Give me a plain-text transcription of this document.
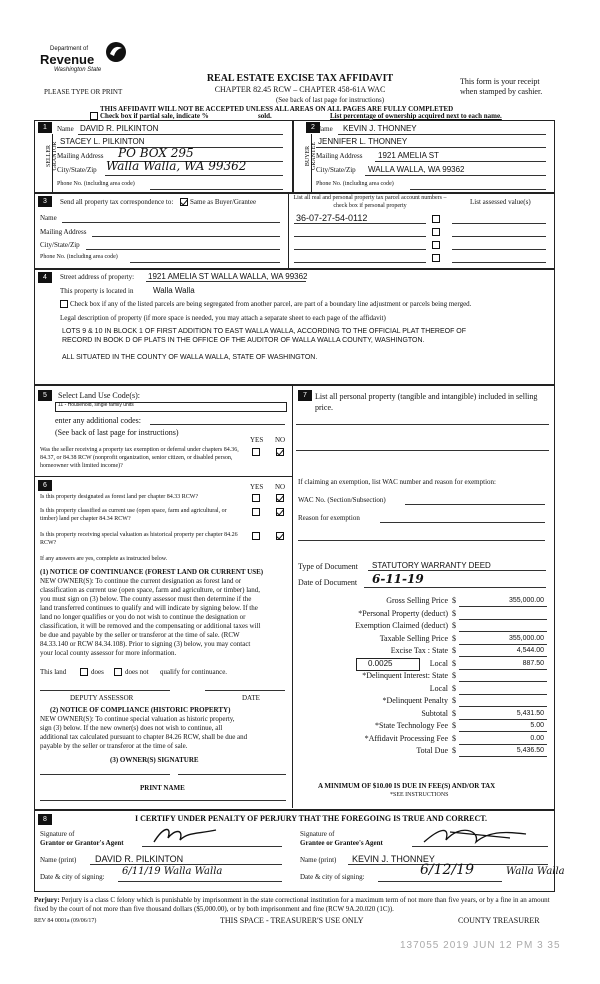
Department of
Revenue
Washington State
REAL ESTATE EXCISE TAX AFFIDAVIT
CHAPTER 82.45 RCW – CHAPTER 458-61A WAC
(See back of last page for instructions)
This form is your receipt
when stamped by cashier.
PLEASE TYPE OR PRINT
THIS AFFIDAVIT WILL NOT BE ACCEPTED UNLESS ALL AREAS ON ALL PAGES ARE FULLY COMPLETED
Check box if partial sale, indicate %	sold.	List percentage of ownership acquired next to each name.
1	2
SELLER GRANTOR	BUYER GRANTEE
Name DAVID R. PILKINTON
STACEY L. PILKINTON
Mailing Address PO BOX 295
City/State/Zip Walla Walla, WA 99362
Phone No. (including area code)
Name KEVIN J. THONNEY
JENNIFER L. THONNEY
Mailing Address 1921 AMELIA ST
City/State/Zip WALLA WALLA, WA 99362
Phone No. (including area code)
3	Send all property tax correspondence to: Same as Buyer/Grantee	List all real and personal property tax parcel account numbers – check box if personal property	List assessed value(s)
Name
Mailing Address
City/State/Zip
Phone No. (including area code)
36-07-27-54-0112
4	Street address of property: 1921 AMELIA ST WALLA WALLA, WA 99362
This property is located in Walla Walla
Check box if any of the listed parcels are being segregated from another parcel, are part of a boundary line adjustment or parcels being merged.
Legal description of property (if more space is needed, you may attach a separate sheet to each page of the affidavit)
LOTS 9 & 10 IN BLOCK 1 OF FIRST ADDITION TO EAST WALLA WALLA, ACCORDING TO THE OFFICIAL PLAT THEREOF OF
RECORD IN BOOK D OF PLATS IN THE OFFICE OF THE AUDITOR OF WALLA WALLA COUNTY, WASHINGTON.
ALL SITUATED IN THE COUNTY OF WALLA WALLA, STATE OF WASHINGTON.
5	Select Land Use Code(s):
11 - Household, single family units
enter any additional codes:
(See back of last page for instructions)
YES NO
Was the seller receiving a property tax exemption or deferral under chapters 84.36, 84.37, or 84.38 RCW (nonprofit organization, senior citizen, or disabled person, homeowner with limited income)?
6	YES NO
Is this property designated as forest land per chapter 84.33 RCW?
Is this property classified as current use (open space, farm and agricultural, or timber) land per chapter 84.34 RCW?
Is this property receiving special valuation as historical property per chapter 84.26 RCW?
If any answers are yes, complete as instructed below.
(1) NOTICE OF CONTINUANCE (FOREST LAND OR CURRENT USE)
NEW OWNER(S): To continue the current designation as forest land or
classification as current use (open space, farm and agriculture, or timber) land,
you must sign on (3) below. The county assessor must then determine if the
land transferred continues to qualify and will indicate by signing below. If the
land no longer qualifies or you do not wish to continue the designation or
classification, it will be removed and the compensating or additional taxes will
be due and payable by the seller or transferor at the time of sale. (RCW
84.33.140 or RCW 84.34.108). Prior to signing (3) below, you may contact
your local county assessor for more information.
This land	does	does not qualify for continuance.
DEPUTY ASSESSOR	DATE
(2) NOTICE OF COMPLIANCE (HISTORIC PROPERTY)
NEW OWNER(S): To continue special valuation as historic property,
sign (3) below. If the new owner(s) does not wish to continue, all
additional tax calculated pursuant to chapter 84.26 RCW, shall be due and
payable by the seller or transferor at the time of sale.
(3) OWNER(S) SIGNATURE
PRINT NAME
7	List all personal property (tangible and intangible) included in selling price.
If claiming an exemption, list WAC number and reason for exemption:
WAC No. (Section/Subsection)
Reason for exemption
Type of Document STATUTORY WARRANTY DEED
Date of Document 6-11-19
Gross Selling Price $	355,000.00
*Personal Property (deduct) $
Exemption Claimed (deduct) $
Taxable Selling Price $	355,000.00
Excise Tax : State $	4,544.00
Local $	887.50
*Delinquent Interest: State $
Local $
*Delinquent Penalty $
Subtotal $	5,431.50
*State Technology Fee $	5.00
*Affidavit Processing Fee $	0.00
Total Due $	5,436.50
0.0025
A MINIMUM OF $10.00 IS DUE IN FEE(S) AND/OR TAX
*SEE INSTRUCTIONS
8	I CERTIFY UNDER PENALTY OF PERJURY THAT THE FOREGOING IS TRUE AND CORRECT.
Signature of
Grantor or Grantor's Agent
Signature of
Grantee or Grantee's Agent
Name (print) DAVID R. PILKINTON	Name (print) KEVIN J. THONNEY
Date & city of signing: 6/11/19 Walla Walla	Date & city of signing:	6/12/19	Walla Walla
Perjury: Perjury is a class C felony which is punishable by imprisonment in the state correctional institution for a maximum term of not more than five years, or by a fine in an amount fixed by the court of not more than five thousand dollars ($5,000.00), or by both imprisonment and fine (RCW 9A.20.020 (1C)).
REV 84 0001a (09/06/17)	THIS SPACE - TREASURER'S USE ONLY	COUNTY TREASURER
137055 2019 JUN 12 PM 3 35
